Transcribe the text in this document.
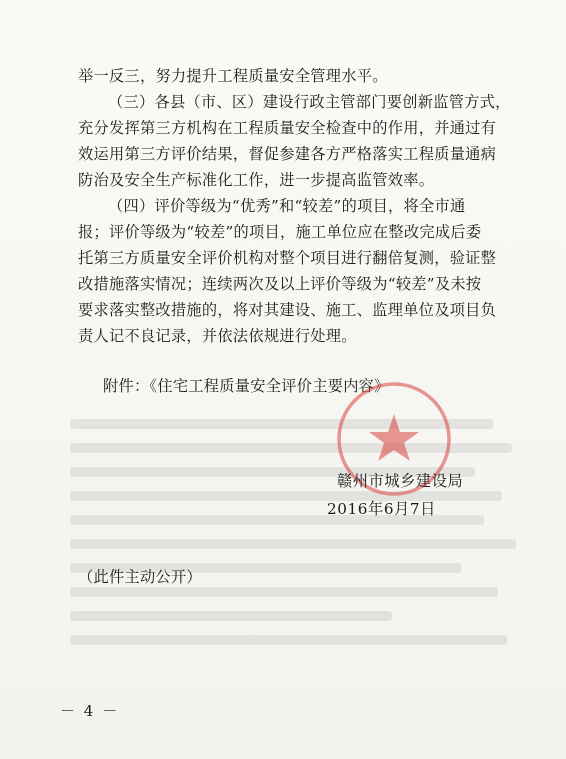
举一反三，努力提升工程质量安全管理水平。

（三）各县（市、区）建设行政主管部门要创新监管方式，
充分发挥第三方机构在工程质量安全检查中的作用，并通过有
效运用第三方评价结果，督促参建各方严格落实工程质量通病
防治及安全生产标准化工作，进一步提高监管效率。

（四）评价等级为“优秀”和“较差”的项目，将全市通
报；评价等级为“较差”的项目，施工单位应在整改完成后委
托第三方质量安全评价机构对整个项目进行翻倍复测，验证整
改措施落实情况；连续两次及以上评价等级为“较差”及未按
要求落实整改措施的，将对其建设、施工、监理单位及项目负
责人记不良记录，并依法依规进行处理。

附件：《住宅工程质量安全评价主要内容》
赣州市城乡建设局
2016年6月7日
（此件主动公开）
－ 4 －
